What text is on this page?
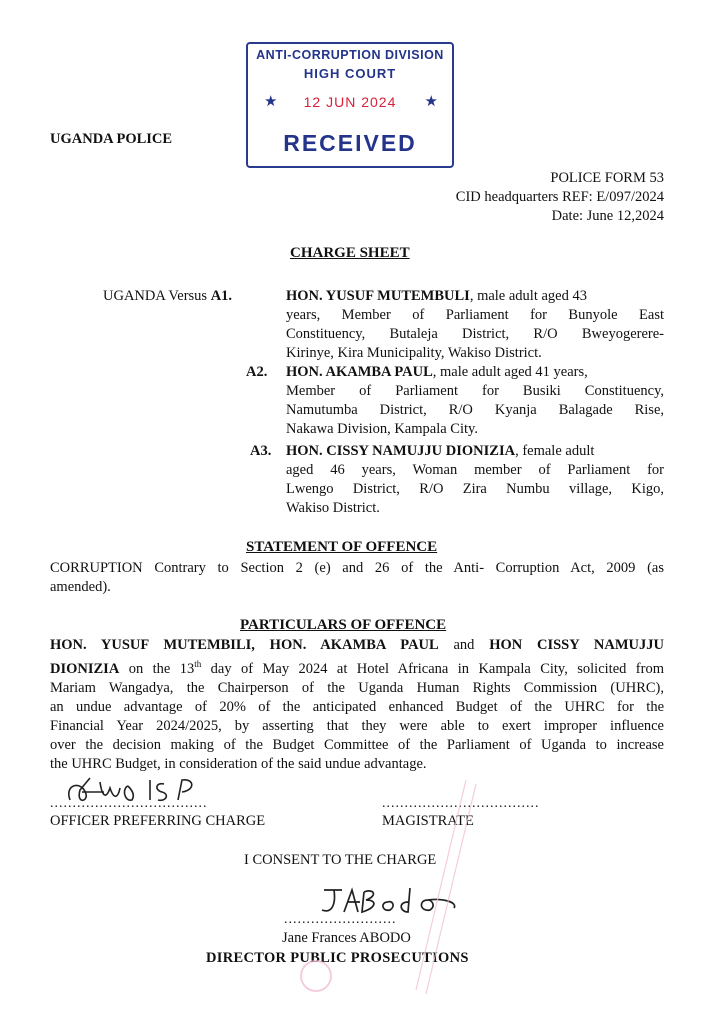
ANTI-CORRUPTION DIVISION
HIGH COURT
★	12 JUN 2024	★
RECEIVED
UGANDA POLICE
POLICE FORM 53
CID headquarters REF: E/097/2024
Date: June 12,2024
CHARGE SHEET
UGANDA Versus A1.	HON. YUSUF MUTEMBULI, male adult aged 43
years, Member of Parliament for Bunyole East
Constituency, Butaleja District, R/O Bweyogerere-
Kirinye, Kira Municipality, Wakiso District.
A2. HON. AKAMBA PAUL, male adult aged 41 years,
Member of Parliament for Busiki Constituency,
Namutumba District, R/O Kyanja Balagade Rise,
Nakawa Division, Kampala City.
A3. HON. CISSY NAMUJJU DIONIZIA, female adult
aged 46 years, Woman member of Parliament for
Lwengo District, R/O Zira Numbu village, Kigo,
Wakiso District.
STATEMENT OF OFFENCE
CORRUPTION Contrary to Section 2 (e) and 26 of the Anti- Corruption Act, 2009 (as
amended).
PARTICULARS OF OFFENCE
HON. YUSUF MUTEMBILI, HON. AKAMBA PAUL and HON CISSY NAMUJJU
DIONIZIA on the 13th day of May 2024 at Hotel Africana in Kampala City, solicited from
Mariam Wangadya, the Chairperson of the Uganda Human Rights Commission (UHRC),
an undue advantage of 20% of the anticipated enhanced Budget of the UHRC for the
Financial Year 2024/2025, by asserting that they were able to exert improper influence
over the decision making of the Budget Committee of the Parliament of Uganda to increase
the UHRC Budget, in consideration of the said undue advantage.
...................................
OFFICER PREFERRING CHARGE
...................................
MAGISTRATE
I CONSENT TO THE CHARGE
.........................
Jane Frances ABODO
DIRECTOR PUBLIC PROSECUTIONS
